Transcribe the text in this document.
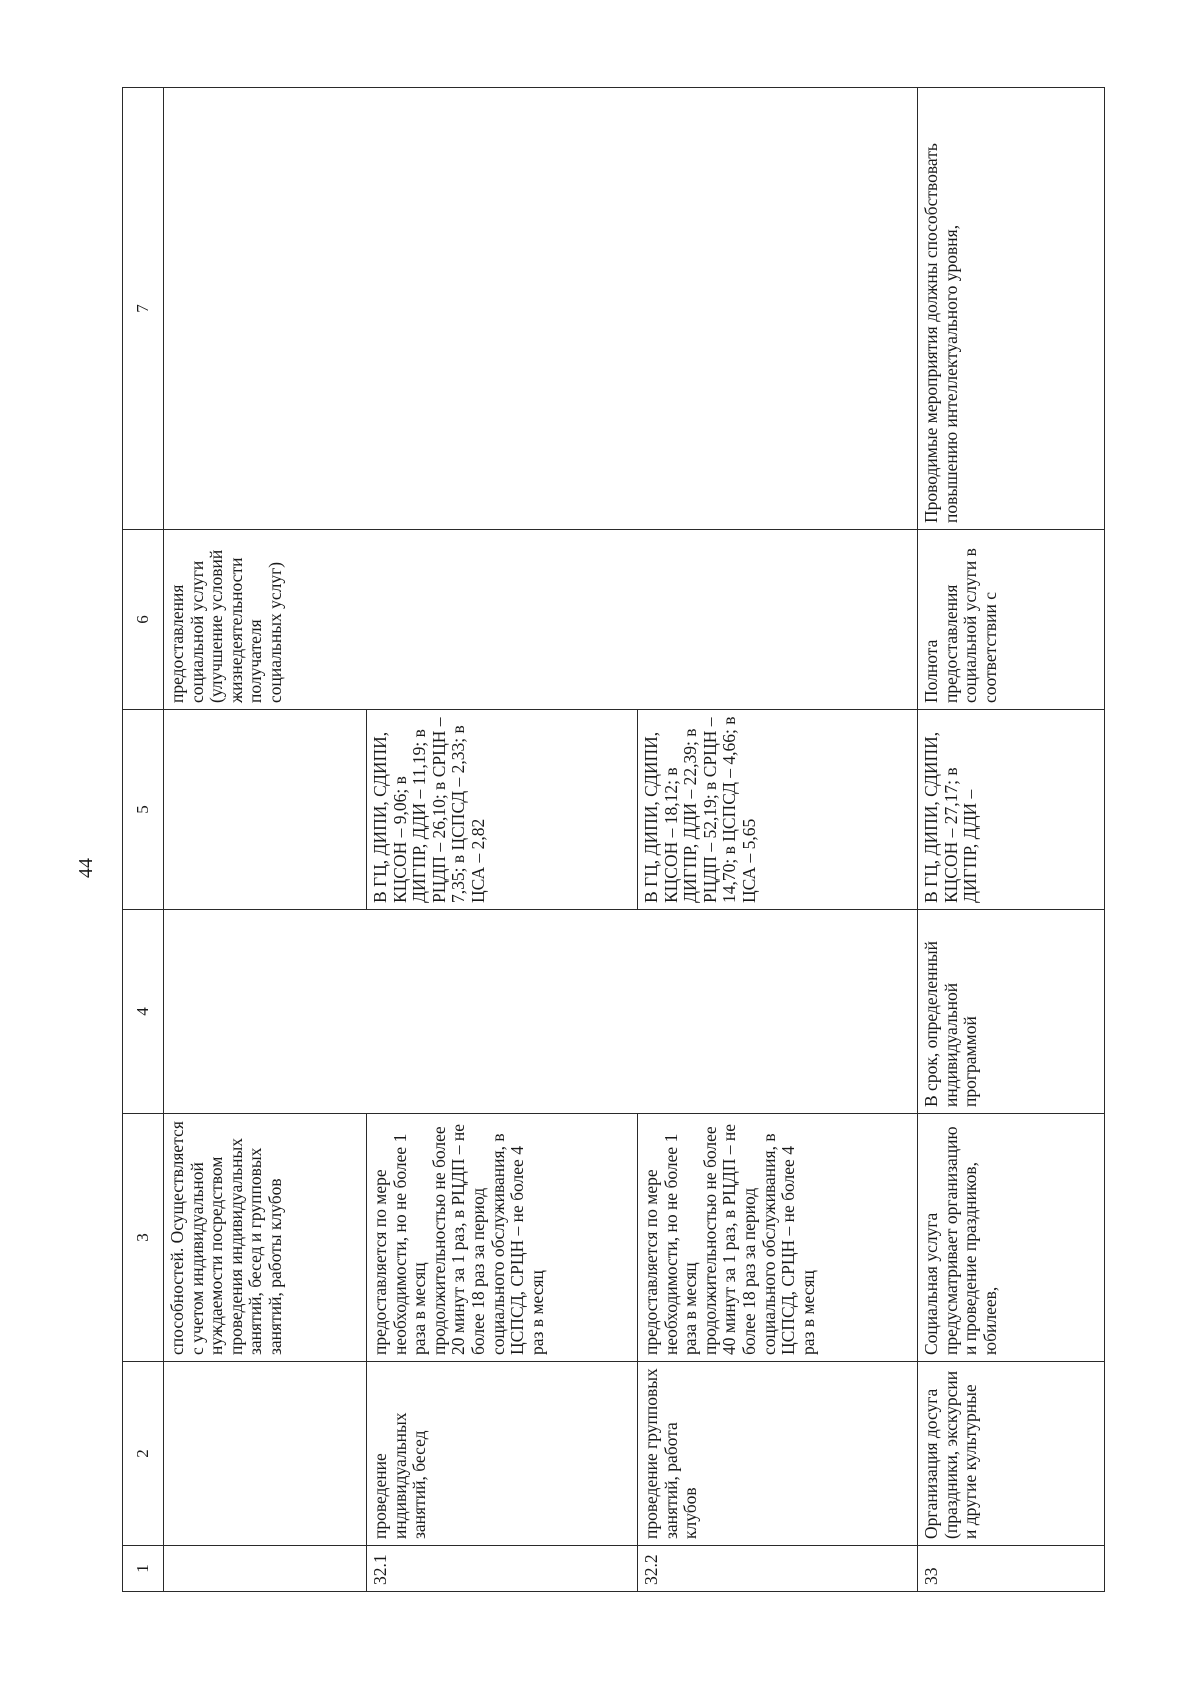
44
1	2	3	4	5	6	7
		способностей. Осуществляется с учетом индивидуальной нуждаемости посредством проведения индивидуальных занятий, бесед и групповых занятий, работы клубов			предоставления социальной услуги (улучшение условий жизнедеятельности получателя социальных услуг)	
32.1	проведение индивидуальных занятий, бесед	предоставляется по мере необходимости, но не более 1 раза в месяц продолжительностью не более 20 минут за 1 раз, в РЦДП – не более 18 раз за период социального обслуживания, в ЦСПСД, СРЦН – не более 4 раз в месяц		В ГЦ, ДИПИ, СДИПИ, КЦСОН – 9,06; в ДИГПР, ДДИ – 11,19; в РЦДП – 26,10; в СРЦН – 7,35; в ЦСПСД – 2,33; в ЦСА – 2,82		
32.2	проведение групповых занятий, работа клубов	предоставляется по мере необходимости, но не более 1 раза в месяц продолжительностью не более 40 минут за 1 раз, в РЦДП – не более 18 раз за период социального обслуживания, в ЦСПСД, СРЦН – не более 4 раз в месяц		В ГЦ, ДИПИ, СДИПИ, КЦСОН – 18,12; в ДИГПР, ДДИ – 22,39; в РЦДП – 52,19; в СРЦН – 14,70; в ЦСПСД – 4,66; в ЦСА – 5,65		
33	Организация досуга (праздники, экскурсии и другие культурные	Социальная услуга предусматривает организацию и проведение праздников, юбилеев,	В срок, определенный индивидуальной программой	В ГЦ, ДИПИ, СДИПИ, КЦСОН – 27,17; в ДИГПР, ДДИ –	Полнота предоставления социальной услуги в соответствии с	Проводимые мероприятия должны способствовать повышению интеллектуального уровня,
